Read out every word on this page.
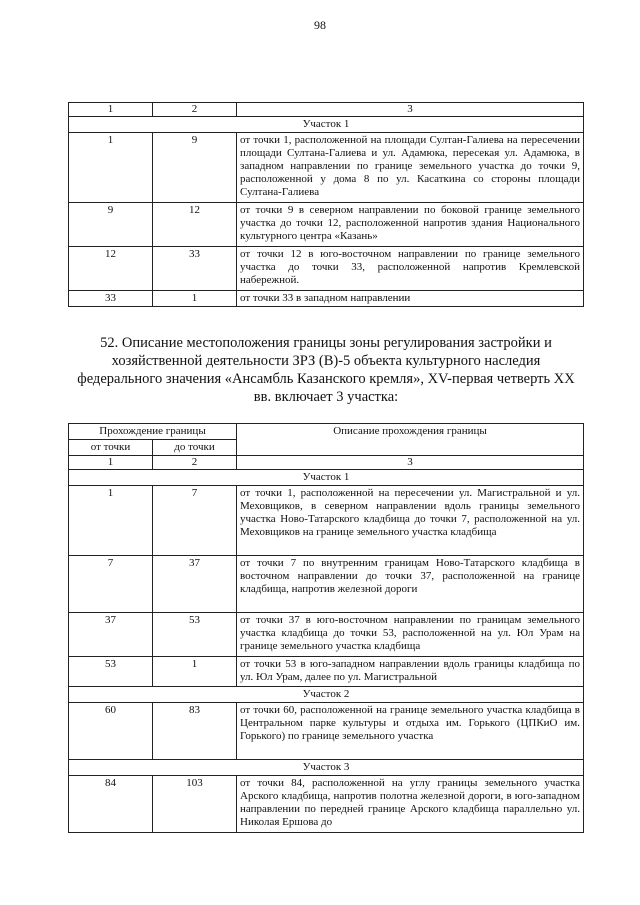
98
1	2	3
Участок 1		
1	9	от точки 1, расположенной на площади Султан-Галиева на пересечении площади Султана-Галиева и ул. Адамюка, пересекая ул. Адамюка, в западном направлении по границе земельного участка до точки 9, расположенной у дома 8 по ул. Касаткина со стороны площади Султана-Галиева
9	12	от точки 9 в северном направлении по боковой границе земельного участка до точки 12, расположенной напротив здания Национального культурного центра «Казань»
12	33	от точки 12 в юго-восточном направлении по границе земельного участка до точки 33, расположенной напротив Кремлевской набережной.
33	1	от точки 33 в западном направлении
52. Описание местоположения границы зоны регулирования застройки и хозяйственной деятельности ЗРЗ (В)-5 объекта культурного наследия федерального значения «Ансамбль Казанского кремля», XV-первая четверть XX вв. включает 3 участка:
Прохождение границы		Описание прохождения границы
от точки	до точки	
1	2	3
Участок 1		
1	7	от точки 1, расположенной на пересечении ул. Магистральной и ул. Меховщиков, в северном направлении вдоль границы земельного участка Ново-Татарского кладбища до точки 7, расположенной на ул. Меховщиков на границе земельного участка кладбища
7	37	от точки 7 по внутренним границам Ново-Татарского кладбища в восточном направлении до точки 37, расположенной на границе кладбища, напротив железной дороги
37	53	от точки 37 в юго-восточном направлении по границам земельного участка кладбища до точки 53, расположенной на ул. Юл Урам на границе земельного участка кладбища
53	1	от точки 53 в юго-западном направлении вдоль границы кладбища по ул. Юл Урам, далее по ул. Магистральной
Участок 2		
60	83	от точки 60, расположенной на границе земельного участка кладбища в Центральном парке культуры и отдыха им. Горького (ЦПКиО им. Горького) по границе земельного участка
Участок 3		
84	103	от точки 84, расположенной на углу границы земельного участка Арского кладбища, напротив полотна железной дороги, в юго-западном направлении по передней границе Арского кладбища параллельно ул. Николая Ершова до
